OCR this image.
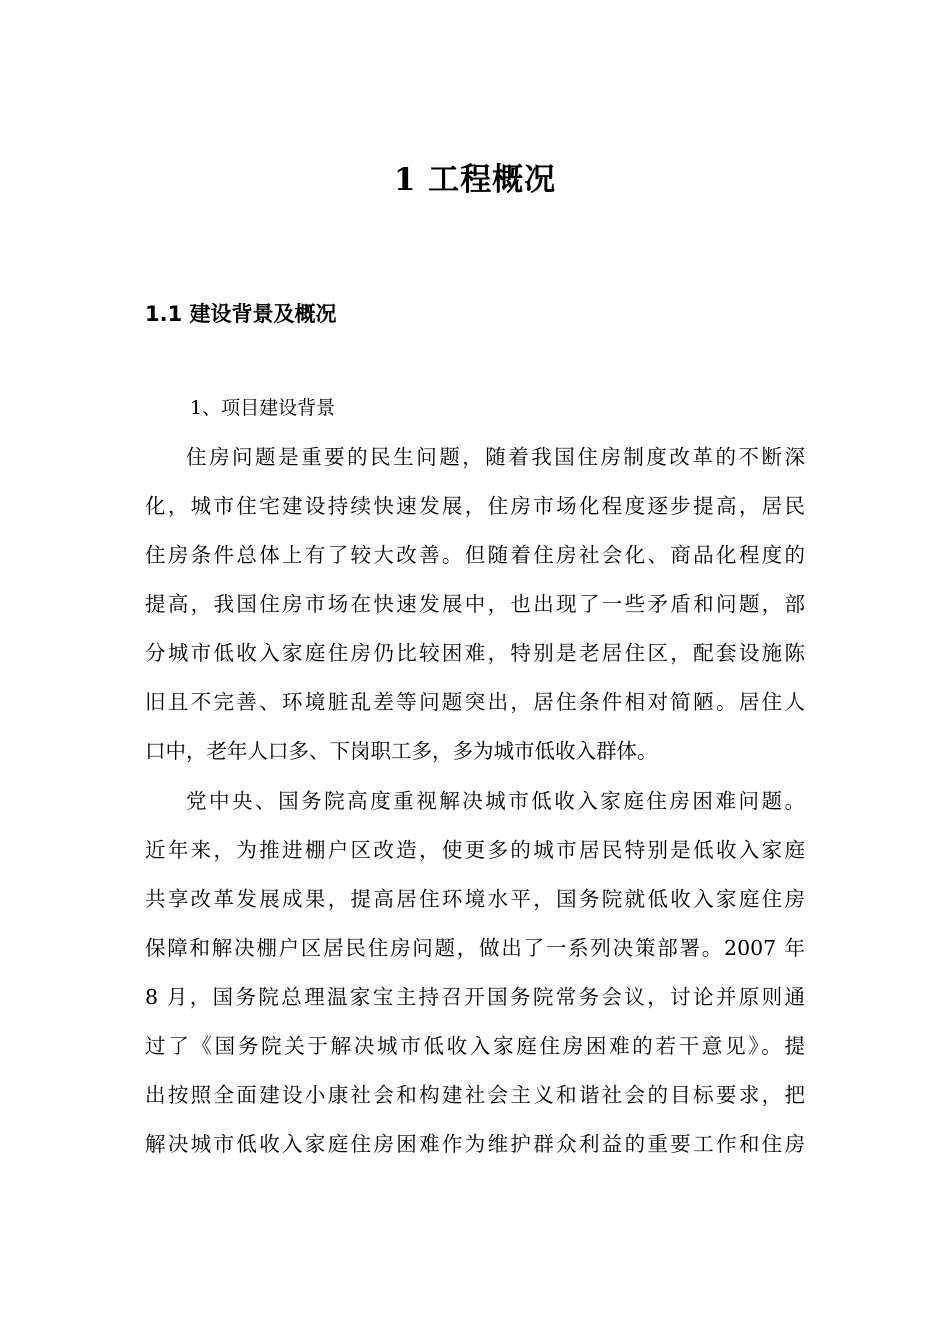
1 工程概况
1.1 建设背景及概况
1、项目建设背景
住房问题是重要的民生问题，随着我国住房制度改革的不断深
化，城市住宅建设持续快速发展，住房市场化程度逐步提高，居民
住房条件总体上有了较大改善。但随着住房社会化、商品化程度的
提高，我国住房市场在快速发展中，也出现了一些矛盾和问题，部
分城市低收入家庭住房仍比较困难，特别是老居住区，配套设施陈
旧且不完善、环境脏乱差等问题突出，居住条件相对简陋。居住人
口中，老年人口多、下岗职工多，多为城市低收入群体。
党中央、国务院高度重视解决城市低收入家庭住房困难问题。
近年来，为推进棚户区改造，使更多的城市居民特别是低收入家庭
共享改革发展成果，提高居住环境水平，国务院就低收入家庭住房
保障和解决棚户区居民住房问题，做出了一系列决策部署。2007 年
8 月，国务院总理温家宝主持召开国务院常务会议，讨论并原则通
过了《国务院关于解决城市低收入家庭住房困难的若干意见》。提
出按照全面建设小康社会和构建社会主义和谐社会的目标要求，把
解决城市低收入家庭住房困难作为维护群众利益的重要工作和住房
